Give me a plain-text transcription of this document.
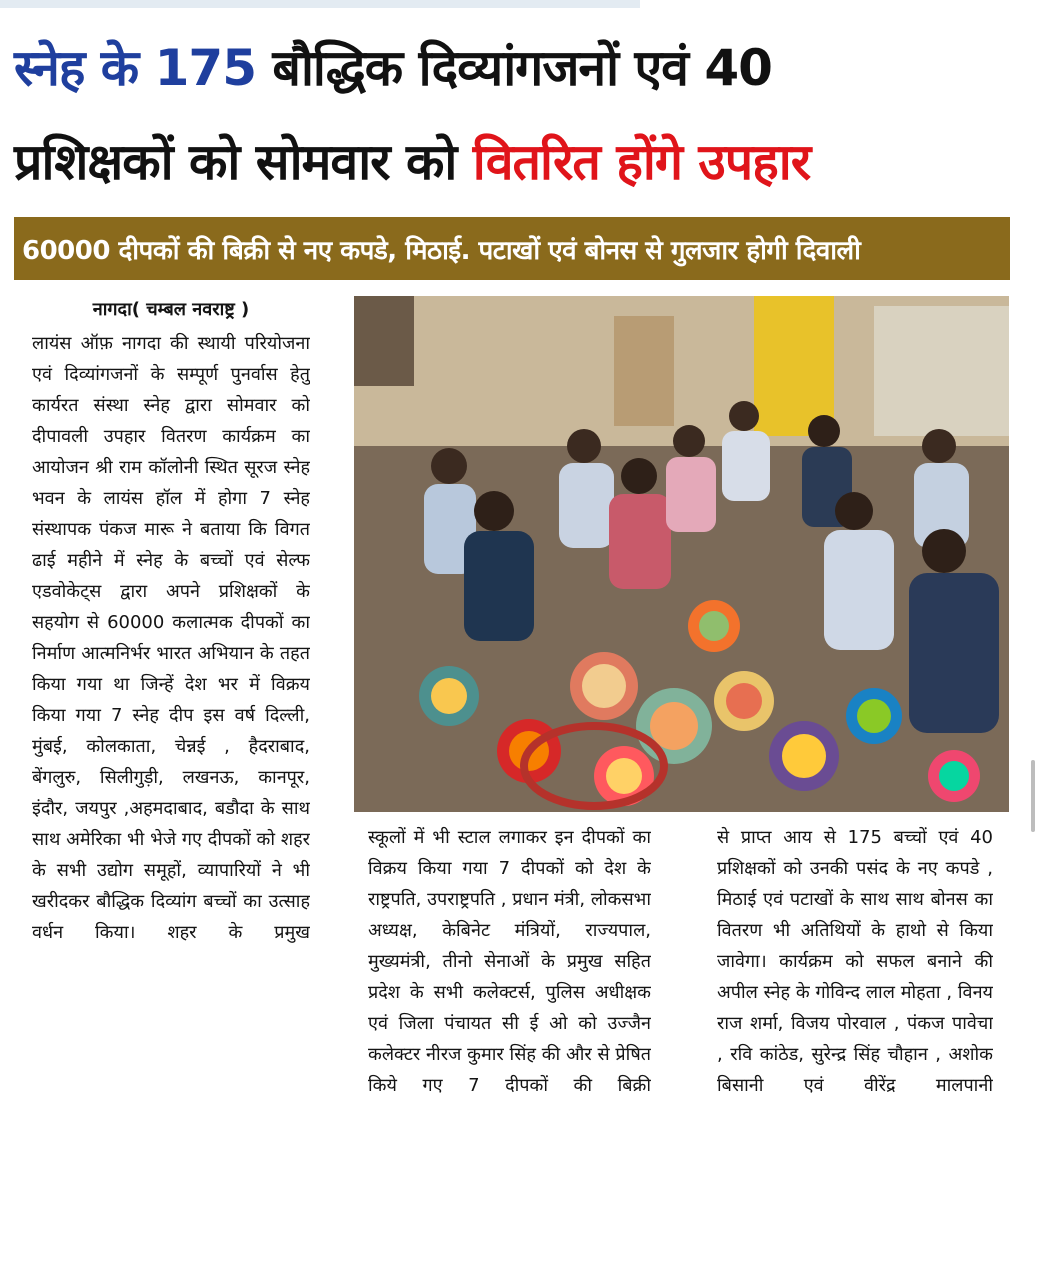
स्नेह के 175 बौद्धिक दिव्यांगजनों एवं 40
प्रशिक्षकों को सोमवार को वितरित होंगे उपहार
60000 दीपकों की बिक्री से नए कपडे, मिठाई. पटाखों एवं बोनस से गुलजार होगी दिवाली
नागदा( चम्बल नवराष्ट्र )
लायंस ऑफ़ नागदा की स्थायी परियोजना एवं दिव्यांगजनों के सम्पूर्ण पुनर्वास हेतु कार्यरत संस्था स्नेह द्वारा सोमवार को दीपावली उपहार वितरण कार्यक्रम का आयोजन श्री राम कॉलोनी स्थित सूरज स्नेह भवन के लायंस हॉल में होगा 7 स्नेह संस्थापक पंकज मारू ने बताया कि विगत ढाई महीने में स्नेह के बच्चों एवं सेल्फ एडवोकेट्स द्वारा अपने प्रशिक्षकों के सहयोग से 60000 कलात्मक दीपकों का निर्माण आत्मनिर्भर भारत अभियान के तहत किया गया था जिन्हें देश भर में विक्रय किया गया 7 स्नेह दीप इस वर्ष दिल्ली, मुंबई, कोलकाता, चेन्नई , हैदराबाद, बेंगलुरु, सिलीगुड़ी, लखनऊ, कानपूर, इंदौर, जयपुर ,अहमदाबाद, बडौदा के साथ साथ अमेरिका भी भेजे गए दीपकों को शहर के सभी उद्योग समूहों, व्यापारियों ने भी खरीदकर बौद्धिक दिव्यांग बच्चों का उत्साह वर्धन किया। शहर के प्रमुख
स्कूलों में भी स्टाल लगाकर इन दीपकों का विक्रय किया गया 7 दीपकों को देश के राष्ट्रपति, उपराष्ट्रपति , प्रधान मंत्री, लोकसभा अध्यक्ष, केबिनेट मंत्रियों, राज्यपाल, मुख्यमंत्री, तीनो सेनाओं के प्रमुख सहित प्रदेश के सभी कलेक्टर्स, पुलिस अधीक्षक एवं जिला पंचायत सी ई ओ को उज्जैन कलेक्टर नीरज कुमार सिंह की और से प्रेषित किये गए 7 दीपकों की बिक्री
से प्राप्त आय से 175 बच्चों एवं 40 प्रशिक्षकों को उनकी पसंद के नए कपडे , मिठाई एवं पटाखों के साथ साथ बोनस का वितरण भी अतिथियों के हाथो से किया जावेगा। कार्यक्रम को सफल बनाने की अपील स्नेह के गोविन्द लाल मोहता , विनय राज शर्मा, विजय पोरवाल , पंकज पावेचा , रवि कांठेड, सुरेन्द्र सिंह चौहान , अशोक बिसानी एवं वीरेंद्र मालपानी
